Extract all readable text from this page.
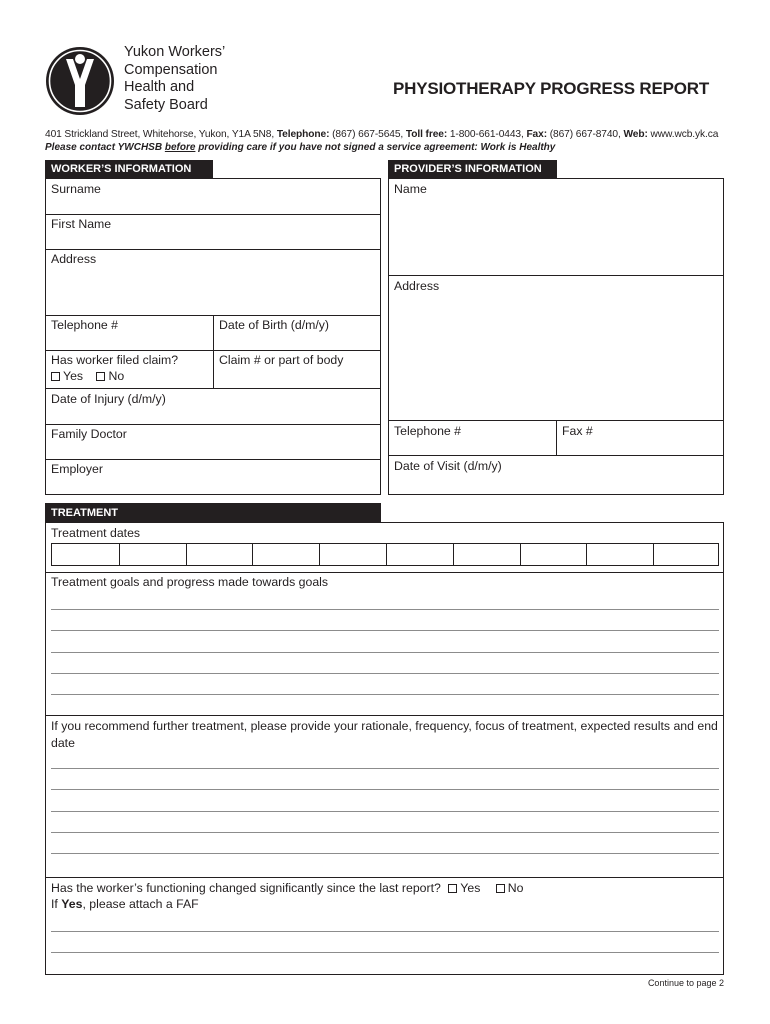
Yukon Workers’
Compensation
Health and
Safety Board
PHYSIOTHERAPY PROGRESS REPORT
401 Strickland Street, Whitehorse, Yukon, Y1A 5N8, Telephone: (867) 667-5645, Toll free: 1-800-661-0443, Fax: (867) 667-8740, Web: www.wcb.yk.ca
Please contact YWCHSB before providing care if you have not signed a service agreement: Work is Healthy
WORKER’S INFORMATION
Surname
First Name
Address
Telephone #	Date of Birth (d/m/y)
Has worker filed claim?
Yes No
Claim # or part of body
Date of Injury (d/m/y)
Family Doctor
Employer
PROVIDER’S INFORMATION
Name
Address
Telephone #	Fax #
Date of Visit (d/m/y)
TREATMENT
Treatment dates
Treatment goals and progress made towards goals
If you recommend further treatment, please provide your rationale, frequency, focus of treatment, expected results and end date
Has the worker’s functioning changed significantly since the last report? Yes No
If Yes, please attach a FAF
Continue to page 2
